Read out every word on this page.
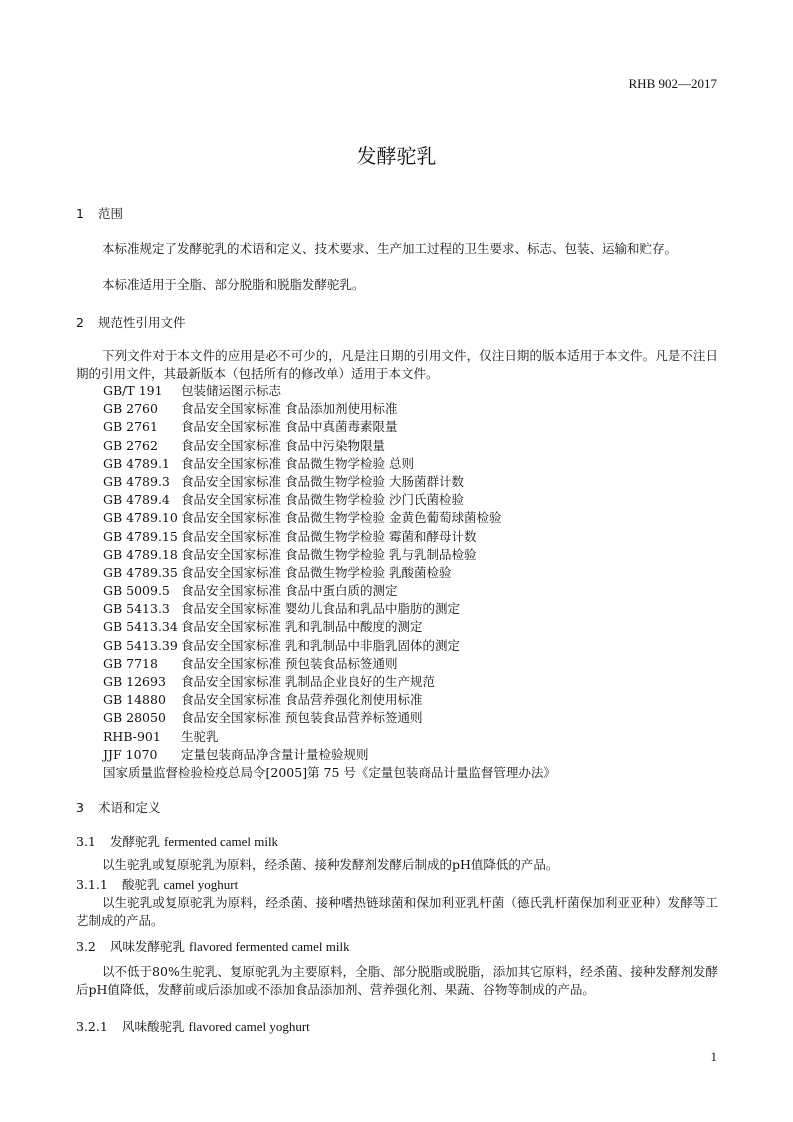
RHB 902—2017
发酵驼乳
1 范围
本标准规定了发酵驼乳的术语和定义、技术要求、生产加工过程的卫生要求、标志、包装、运输和贮存。
本标准适用于全脂、部分脱脂和脱脂发酵驼乳。
2 规范性引用文件
下列文件对于本文件的应用是必不可少的，凡是注日期的引用文件，仅注日期的版本适用于本文件。凡是不注日期的引用文件，其最新版本（包括所有的修改单）适用于本文件。
GB/T 191 包装储运图示标志
GB 2760 食品安全国家标准 食品添加剂使用标准
GB 2761 食品安全国家标准 食品中真菌毒素限量
GB 2762 食品安全国家标准 食品中污染物限量
GB 4789.1 食品安全国家标准 食品微生物学检验 总则
GB 4789.3 食品安全国家标准 食品微生物学检验 大肠菌群计数
GB 4789.4 食品安全国家标准 食品微生物学检验 沙门氏菌检验
GB 4789.10 食品安全国家标准 食品微生物学检验 金黄色葡萄球菌检验
GB 4789.15 食品安全国家标准 食品微生物学检验 霉菌和酵母计数
GB 4789.18 食品安全国家标准 食品微生物学检验 乳与乳制品检验
GB 4789.35 食品安全国家标准 食品微生物学检验 乳酸菌检验
GB 5009.5 食品安全国家标准 食品中蛋白质的测定
GB 5413.3 食品安全国家标准 婴幼儿食品和乳品中脂肪的测定
GB 5413.34 食品安全国家标准 乳和乳制品中酸度的测定
GB 5413.39 食品安全国家标准 乳和乳制品中非脂乳固体的测定
GB 7718 食品安全国家标准 预包装食品标签通则
GB 12693 食品安全国家标准 乳制品企业良好的生产规范
GB 14880 食品安全国家标准 食品营养强化剂使用标准
GB 28050 食品安全国家标准 预包装食品营养标签通则
RHB-901 生驼乳
JJF 1070 定量包装商品净含量计量检验规则
国家质量监督检验检疫总局令[2005]第 75 号《定量包装商品计量监督管理办法》
3 术语和定义
3.1 发酵驼乳 fermented camel milk
以生驼乳或复原驼乳为原料，经杀菌、接种发酵剂发酵后制成的pH值降低的产品。
3.1.1 酸驼乳 camel yoghurt
以生驼乳或复原驼乳为原料，经杀菌、接种嗜热链球菌和保加利亚乳杆菌（德氏乳杆菌保加利亚亚种）发酵等工艺制成的产品。
3.2 风味发酵驼乳 flavored fermented camel milk
以不低于80%生驼乳、复原驼乳为主要原料，全脂、部分脱脂或脱脂，添加其它原料，经杀菌、接种发酵剂发酵后pH值降低，发酵前或后添加或不添加食品添加剂、营养强化剂、果蔬、谷物等制成的产品。
3.2.1 风味酸驼乳 flavored camel yoghurt
1
